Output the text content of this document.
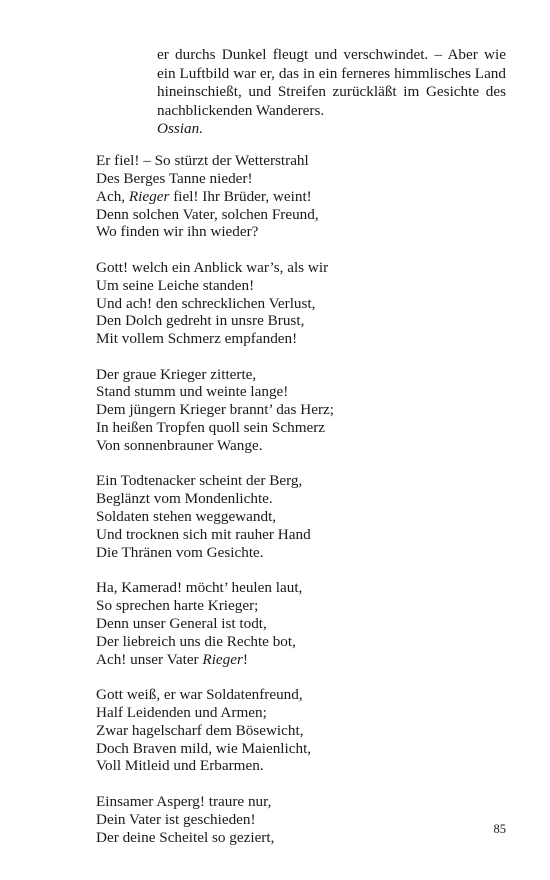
er durchs Dunkel fleugt und verschwindet. – Aber wie
ein Luftbild war er, das in ein ferneres himmlisches Land
hineinschießt, und Streifen zurückläßt im Gesichte des
nachblickenden Wanderers.
Ossian.
Er fiel! – So stürzt der Wetterstrahl
Des Berges Tanne nieder!
Ach, Rieger fiel! Ihr Brüder, weint!
Denn solchen Vater, solchen Freund,
Wo finden wir ihn wieder?
Gott! welch ein Anblick war’s, als wir
Um seine Leiche standen!
Und ach! den schrecklichen Verlust,
Den Dolch gedreht in unsre Brust,
Mit vollem Schmerz empfanden!
Der graue Krieger zitterte,
Stand stumm und weinte lange!
Dem jüngern Krieger brannt’ das Herz;
In heißen Tropfen quoll sein Schmerz
Von sonnenbrauner Wange.
Ein Todtenacker scheint der Berg,
Beglänzt vom Mondenlichte.
Soldaten stehen weggewandt,
Und trocknen sich mit rauher Hand
Die Thränen vom Gesichte.
Ha, Kamerad! möcht’ heulen laut,
So sprechen harte Krieger;
Denn unser General ist todt,
Der liebreich uns die Rechte bot,
Ach! unser Vater Rieger!
Gott weiß, er war Soldatenfreund,
Half Leidenden und Armen;
Zwar hagelscharf dem Bösewicht,
Doch Braven mild, wie Maienlicht,
Voll Mitleid und Erbarmen.
Einsamer Asperg! traure nur,
Dein Vater ist geschieden!
Der deine Scheitel so geziert,	85
